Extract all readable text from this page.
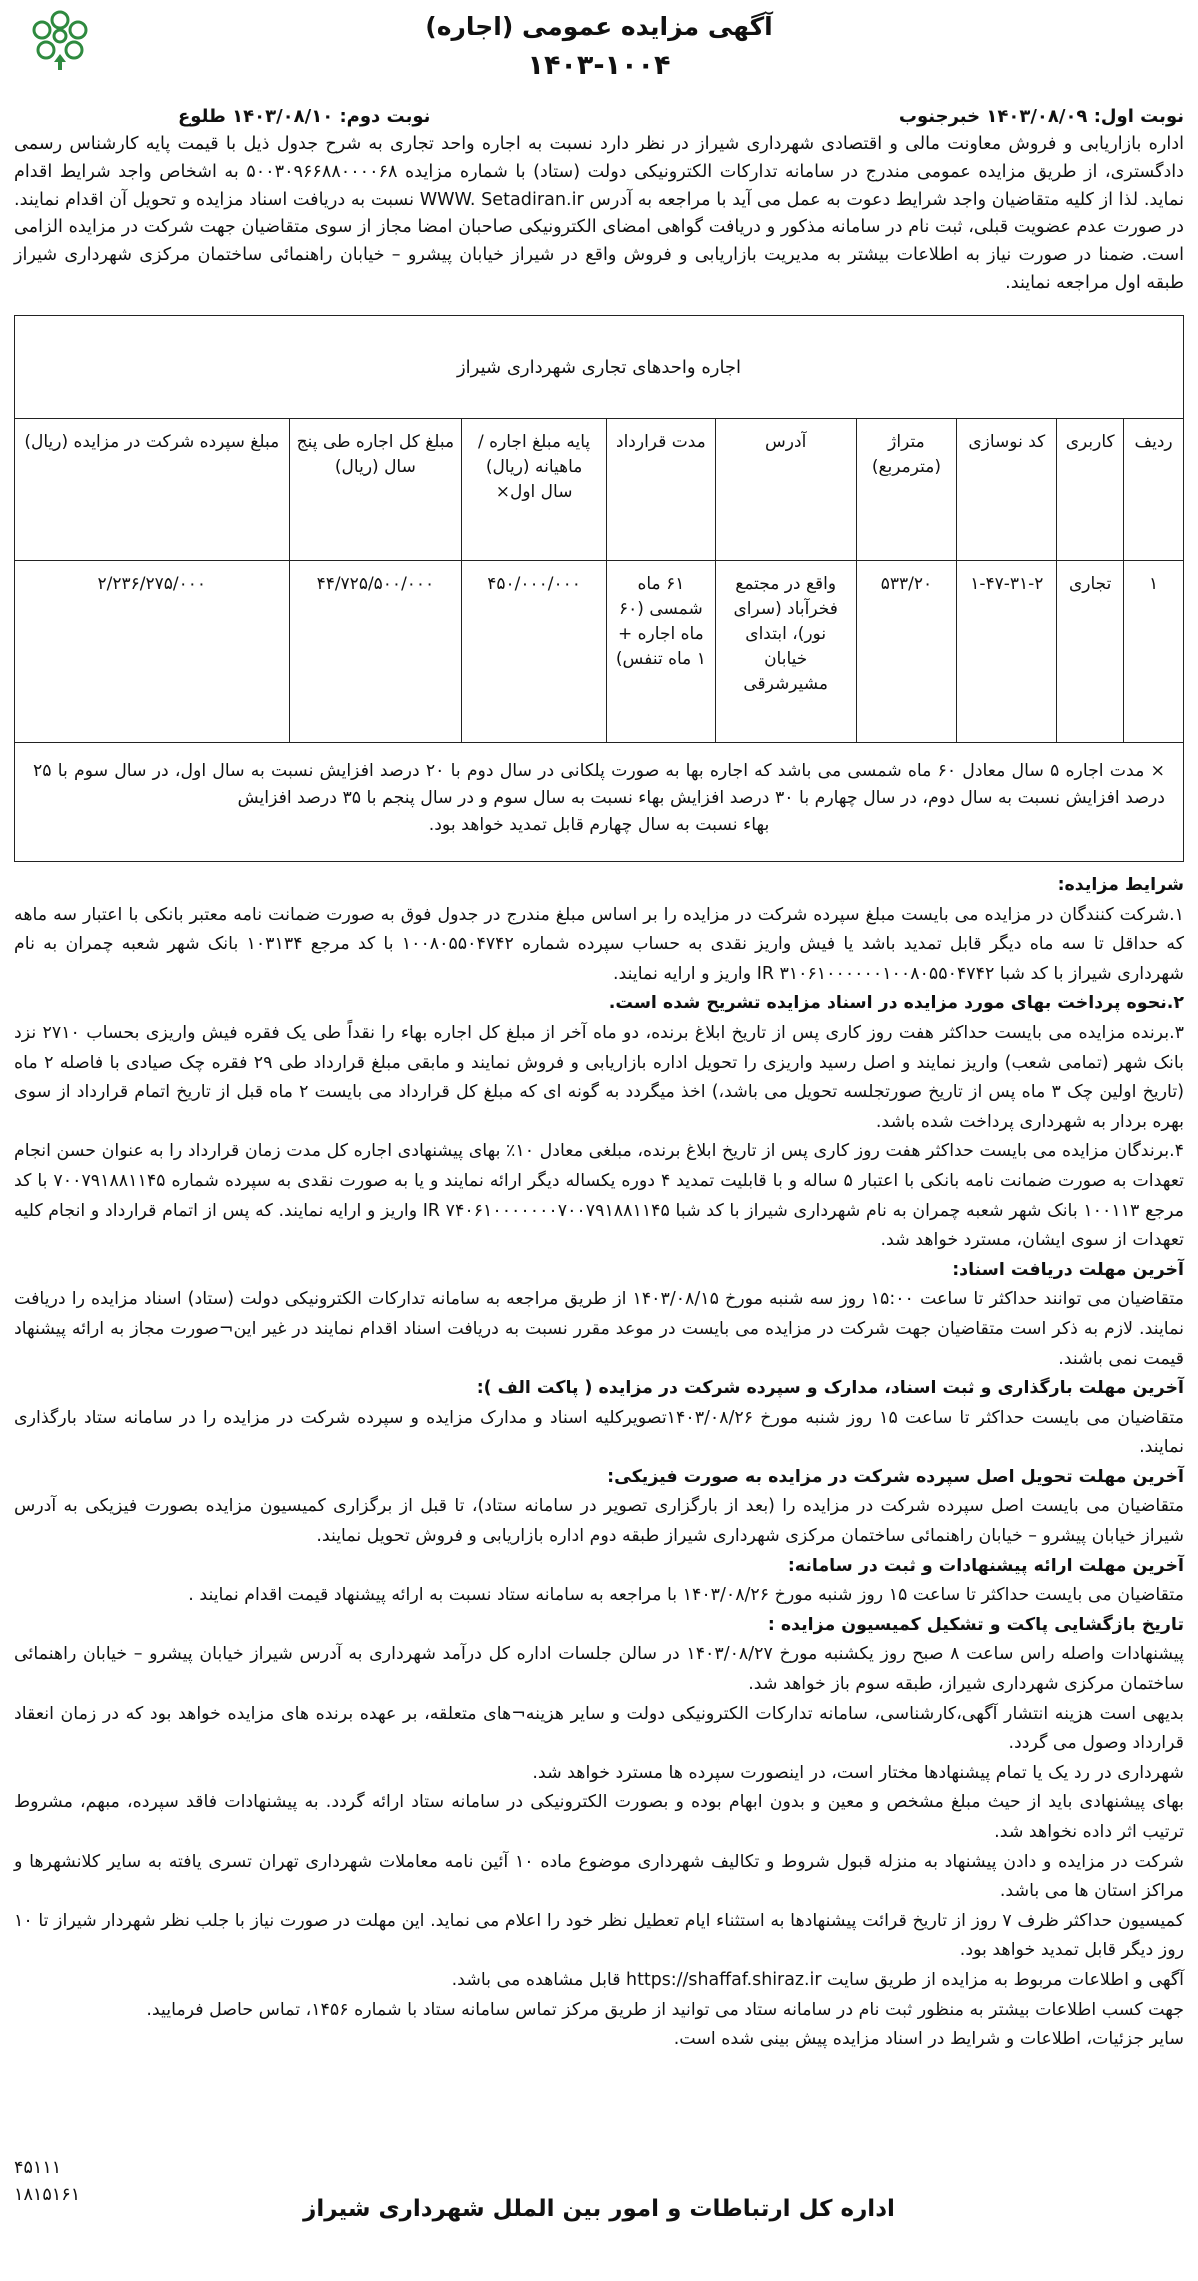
آگهی مزایده عمومی (اجاره)
۱۴۰۳-۱۰۰۴
نوبت اول: ۱۴۰۳/۰۸/۰۹ خبرجنوب
نوبت دوم: ۱۴۰۳/۰۸/۱۰ طلوع
اداره بازاریابی و فروش معاونت مالی و اقتصادی شهرداری شیراز در نظر دارد نسبت به اجاره واحد تجاری به شرح جدول ذیل با قیمت پایه کارشناس رسمی دادگستری، از طریق مزایده عمومی مندرج در سامانه تدارکات الکترونیکی دولت (ستاد) با شماره مزایده ۵۰۰۳۰۹۶۶۸۸۰۰۰۰۶۸ به اشخاص واجد شرایط اقدام نماید. لذا از کلیه متقاضیان واجد شرایط دعوت به عمل می آید با مراجعه به آدرس WWW. Setadiran.ir نسبت به دریافت اسناد مزایده و تحویل آن اقدام نمایند. در صورت عدم عضویت قبلی، ثبت نام در سامانه مذکور و دریافت گواهی امضای الکترونیکی صاحبان امضا مجاز از سوی متقاضیان جهت شرکت در مزایده الزامی است. ضمنا در صورت نیاز به اطلاعات بیشتر به مدیریت بازاریابی و فروش واقع در شیراز خیابان پیشرو – خیابان راهنمائی ساختمان مرکزی شهرداری شیراز طبقه اول مراجعه نمایند.
اجاره واحدهای تجاری شهرداری شیراز
ردیف
کاربری
کد نوسازی
متراژ (مترمربع)
آدرس
مدت قرارداد
پایه مبلغ اجاره /ماهیانه (ریال) سال اول×
مبلغ کل اجاره طی پنج سال (ریال)
مبلغ سپرده شرکت در مزایده (ریال)
۱
تجاری
۱-۴۷-۳۱-۲
۵۳۳/۲۰
واقع در مجتمع فخرآباد (سرای نور)، ابتدای خیابان مشیرشرقی
۶۱ ماه شمسی (۶۰ ماه اجاره + ۱ ماه تنفس)
۴۵۰/۰۰۰/۰۰۰
۴۴/۷۲۵/۵۰۰/۰۰۰
۲/۲۳۶/۲۷۵/۰۰۰
× مدت اجاره ۵ سال معادل ۶۰ ماه شمسی می باشد که اجاره بها به صورت پلکانی در سال دوم با ۲۰ درصد افزایش نسبت به سال اول، در سال سوم با ۲۵ درصد افزایش نسبت به سال دوم، در سال چهارم با ۳۰ درصد افزایش بهاء نسبت به سال سوم و در سال پنجم با ۳۵ درصد افزایش
بهاء نسبت به سال چهارم قابل تمدید خواهد بود.

شرایط مزایده:

۱.شرکت کنندگان در مزایده می بایست مبلغ سپرده شرکت در مزایده را بر اساس مبلغ مندرج در جدول فوق به صورت ضمانت نامه معتبر بانکی با اعتبار سه ماهه که حداقل تا سه ماه دیگر قابل تمدید باشد یا فیش واریز نقدی به حساب سپرده شماره ۱۰۰۸۰۵۵۰۴۷۴۲ با کد مرجع ۱۰۳۱۳۴ بانک شهر شعبه چمران به نام شهرداری شیراز با کد شبا IR ۳۱۰۶۱۰۰۰۰۰۰۱۰۰۸۰۵۵۰۴۷۴۲ واریز و ارایه نمایند.

۲.نحوه پرداخت بهای مورد مزایده در اسناد مزایده تشریح شده است.

۳.برنده مزایده می بایست حداکثر هفت روز کاری پس از تاریخ ابلاغ برنده، دو ماه آخر از مبلغ کل اجاره بهاء را نقداً طی یک فقره فیش واریزی بحساب ۲۷۱۰ نزد بانک شهر (تمامی شعب) واریز نمایند و اصل رسید واریزی را تحویل اداره بازاریابی و فروش نمایند و مابقی مبلغ قرارداد طی ۲۹ فقره چک صیادی با فاصله ۲ ماه (تاریخ اولین چک ۳ ماه پس از تاریخ صورتجلسه تحویل می باشد،) اخذ میگردد به گونه ای که مبلغ کل قرارداد می بایست ۲ ماه قبل از تاریخ اتمام قرارداد از سوی بهره بردار به شهرداری پرداخت شده باشد.

۴.برندگان مزایده می بایست حداکثر هفت روز کاری پس از تاریخ ابلاغ برنده، مبلغی معادل ۱۰٪ بهای پیشنهادی اجاره کل مدت زمان قرارداد را به عنوان حسن انجام تعهدات به صورت ضمانت نامه بانکی با اعتبار ۵ ساله و با قابلیت تمدید ۴ دوره یکساله دیگر ارائه نمایند و یا به صورت نقدی به سپرده شماره ۷۰۰۷۹۱۸۸۱۱۴۵ با کد مرجع ۱۰۰۱۱۳ بانک شهر شعبه چمران به نام شهرداری شیراز با کد شبا IR ۷۴۰۶۱۰۰۰۰۰۰۰۷۰۰۷۹۱۸۸۱۱۴۵ واریز و ارایه نمایند. که پس از اتمام قرارداد و انجام کلیه تعهدات از سوی ایشان، مسترد خواهد شد.

آخرین مهلت دریافت اسناد:

متقاضیان می توانند حداکثر تا ساعت ۱۵:۰۰ روز سه شنبه مورخ ۱۴۰۳/۰۸/۱۵ از طریق مراجعه به سامانه تدارکات الکترونیکی دولت (ستاد) اسناد مزایده را دریافت نمایند. لازم به ذکر است متقاضیان جهت شرکت در مزایده می بایست در موعد مقرر نسبت به دریافت اسناد اقدام نمایند در غیر این¬صورت مجاز به ارائه پیشنهاد قیمت نمی باشند.

آخرین مهلت بارگذاری و ثبت اسناد، مدارک و سپرده شرکت در مزایده ( پاکت الف ):

متقاضیان می بایست حداکثر تا ساعت ۱۵ روز شنبه مورخ ۱۴۰۳/۰۸/۲۶تصویرکلیه اسناد و مدارک مزایده و سپرده شرکت در مزایده را در سامانه ستاد بارگذاری نمایند.

آخرین مهلت تحویل اصل سپرده شرکت در مزایده به صورت فیزیکی:

متقاضیان می بایست اصل سپرده شرکت در مزایده را (بعد از بارگزاری تصویر در سامانه ستاد)، تا قبل از برگزاری کمیسیون مزایده بصورت فیزیکی به آدرس شیراز خیابان پیشرو – خیابان راهنمائی ساختمان مرکزی شهرداری شیراز طبقه دوم اداره بازاریابی و فروش تحویل نمایند.

آخرین مهلت ارائه پیشنهادات و ثبت در سامانه:

متقاضیان می بایست حداکثر تا ساعت ۱۵ روز شنبه مورخ ۱۴۰۳/۰۸/۲۶ با مراجعه به سامانه ستاد نسبت به ارائه پیشنهاد قیمت اقدام نمایند .

تاریخ بازگشایی پاکت و تشکیل کمیسیون مزایده :

پیشنهادات واصله راس ساعت ۸ صبح روز یکشنبه مورخ ۱۴۰۳/۰۸/۲۷ در سالن جلسات اداره کل درآمد شهرداری به آدرس شیراز خیابان پیشرو – خیابان راهنمائی ساختمان مرکزی شهرداری شیراز، طبقه سوم باز خواهد شد.

بدیهی است هزینه انتشار آگهی،کارشناسی، سامانه تدارکات الکترونیکی دولت و سایر هزینه¬های متعلقه، بر عهده برنده های مزایده خواهد بود که در زمان انعقاد قرارداد وصول می گردد.

شهرداری در رد یک یا تمام پیشنهادها مختار است، در اینصورت سپرده ها مسترد خواهد شد.

بهای پیشنهادی باید از حیث مبلغ مشخص و معین و بدون ابهام بوده و بصورت الکترونیکی در سامانه ستاد ارائه گردد. به پیشنهادات فاقد سپرده، مبهم، مشروط ترتیب اثر داده نخواهد شد.

شرکت در مزایده و دادن پیشنهاد به منزله قبول شروط و تکالیف شهرداری موضوع ماده ۱۰ آئین نامه معاملات شهرداری تهران تسری یافته به سایر کلانشهرها و مراکز استان ها می باشد.

کمیسیون حداکثر ظرف ۷ روز از تاریخ قرائت پیشنهادها به استثناء ایام تعطیل نظر خود را اعلام می نماید. این مهلت در صورت نیاز با جلب نظر شهردار شیراز تا ۱۰ روز دیگر قابل تمدید خواهد بود.

آگهی و اطلاعات مربوط به مزایده از طریق سایت https://shaffaf.shiraz.ir قابل مشاهده می باشد.

جهت کسب اطلاعات بیشتر به منظور ثبت نام در سامانه ستاد می توانید از طریق مرکز تماس سامانه ستاد با شماره ۱۴۵۶، تماس حاصل فرمایید.

سایر جزئیات، اطلاعات و شرایط در اسناد مزایده پیش بینی شده است.

۴۵۱۱۱
۱۸۱۵۱۶۱
اداره کل ارتباطات و امور بین الملل شهرداری شیراز
